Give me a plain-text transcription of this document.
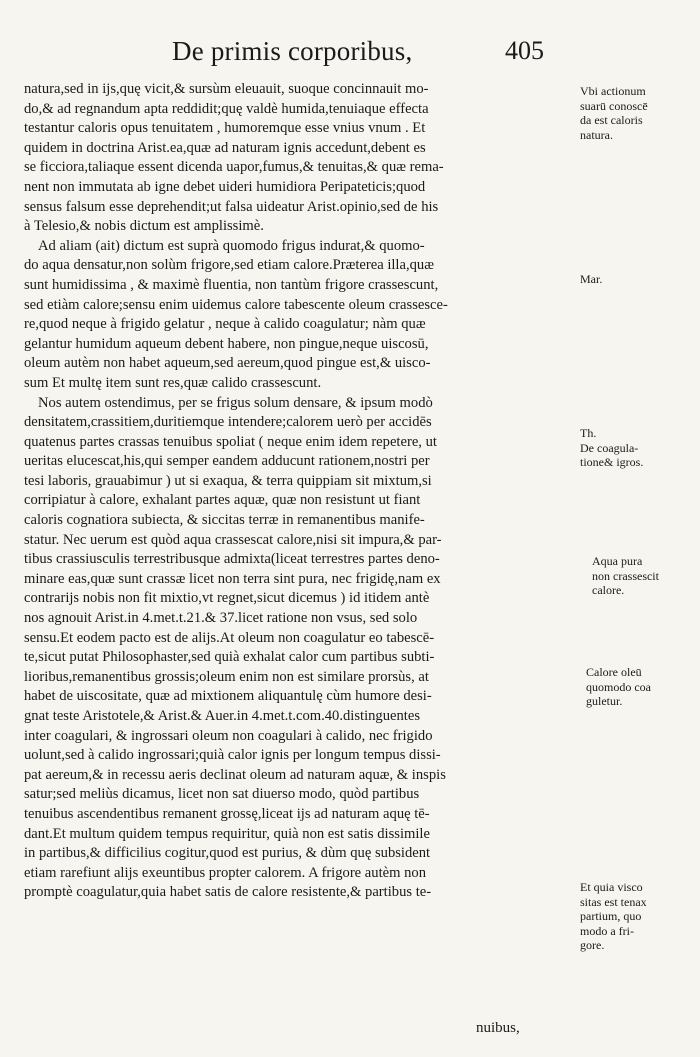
De primis corporibus,	405
natura,sed in ijs,quę vicit,& sursùm eleuauit, suoque concinnauit mo-
do,& ad regnandum apta reddidit;quę valdè humida,tenuiaque effecta
testantur caloris opus tenuitatem , humoremque esse vnius vnum . Et
quidem in doctrina Arist.ea,quæ ad naturam ignis accedunt,debent es
se ficciora,taliaque essent dicenda uapor,fumus,& tenuitas,& quæ rema-
nent non immutata ab igne debet uideri humidiora Peripateticis;quod
sensus falsum esse deprehendit;ut falsa uideatur Arist.opinio,sed de his
à Telesio,& nobis dictum est amplissimè.
Ad aliam (ait) dictum est suprà quomodo frigus indurat,& quomo-
do aqua densatur,non solùm frigore,sed etiam calore.Præterea illa,quæ
sunt humidissima , & maximè fluentia, non tantùm frigore crassescunt,
sed etiàm calore;sensu enim uidemus calore tabescente oleum crassesce-
re,quod neque à frigido gelatur , neque à calido coagulatur; nàm quæ
gelantur humidum aqueum debent habere, non pingue,neque uiscosū,
oleum autèm non habet aqueum,sed aereum,quod pingue est,& uisco-
sum Et multę item sunt res,quæ calido crassescunt.
Nos autem ostendimus, per se frigus solum densare, & ipsum modò
densitatem,crassitiem,duritiemque intendere;calorem uerò per accidēs
quatenus partes crassas tenuibus spoliat ( neque enim idem repetere, ut
ueritas elucescat,his,qui semper eandem adducunt rationem,nostri per
tesi laboris, grauabimur ) ut si exaqua, & terra quippiam sit mixtum,si
corripiatur à calore, exhalant partes aquæ, quæ non resistunt ut fiant
caloris cognatiora subiecta, & siccitas terræ in remanentibus manife-
statur. Nec uerum est quòd aqua crassescat calore,nisi sit impura,& par-
tibus crassiusculis terrestribusque admixta(liceat terrestres partes deno-
minare eas,quæ sunt crassæ licet non terra sint pura, nec frigidę,nam ex
contrarijs nobis non fit mixtio,vt regnet,sicut dicemus ) id itidem antè
nos agnouit Arist.in 4.met.t.21.& 37.licet ratione non vsus, sed solo
sensu.Et eodem pacto est de alijs.At oleum non coagulatur eo tabescē-
te,sicut putat Philosophaster,sed quià exhalat calor cum partibus subti-
lioribus,remanentibus grossis;oleum enim non est similare prorsùs, at
habet de uiscositate, quæ ad mixtionem aliquantulę cùm humore desi-
gnat teste Aristotele,& Arist.& Auer.in 4.met.t.com.40.distinguentes
inter coagulari, & ingrossari oleum non coagulari à calido, nec frigido
uolunt,sed à calido ingrossari;quià calor ignis per longum tempus dissi-
pat aereum,& in recessu aeris declinat oleum ad naturam aquæ, & inspis
satur;sed meliùs dicamus, licet non sat diuerso modo, quòd partibus
tenuibus ascendentibus remanent grossę,liceat ijs ad naturam aquę tē-
dant.Et multum quidem tempus requiritur, quià non est satis dissimile
in partibus,& difficilius cogitur,quod est purius, & dùm quę subsident
etiam rarefiunt alijs exeuntibus propter calorem. A frigore autèm non
promptè coagulatur,quia habet satis de calore resistente,& partibus te-
nuibus,
Vbi actionum
suarū conoscē
da est caloris
natura.
Mar.
Th.
De coagula-
tione& igros.
Aqua pura
non crassescit
calore.
Calore oleū
quomodo coa
guletur.
Et quia visco
sitas est tenax
partium, quo
modo a fri-
gore.
